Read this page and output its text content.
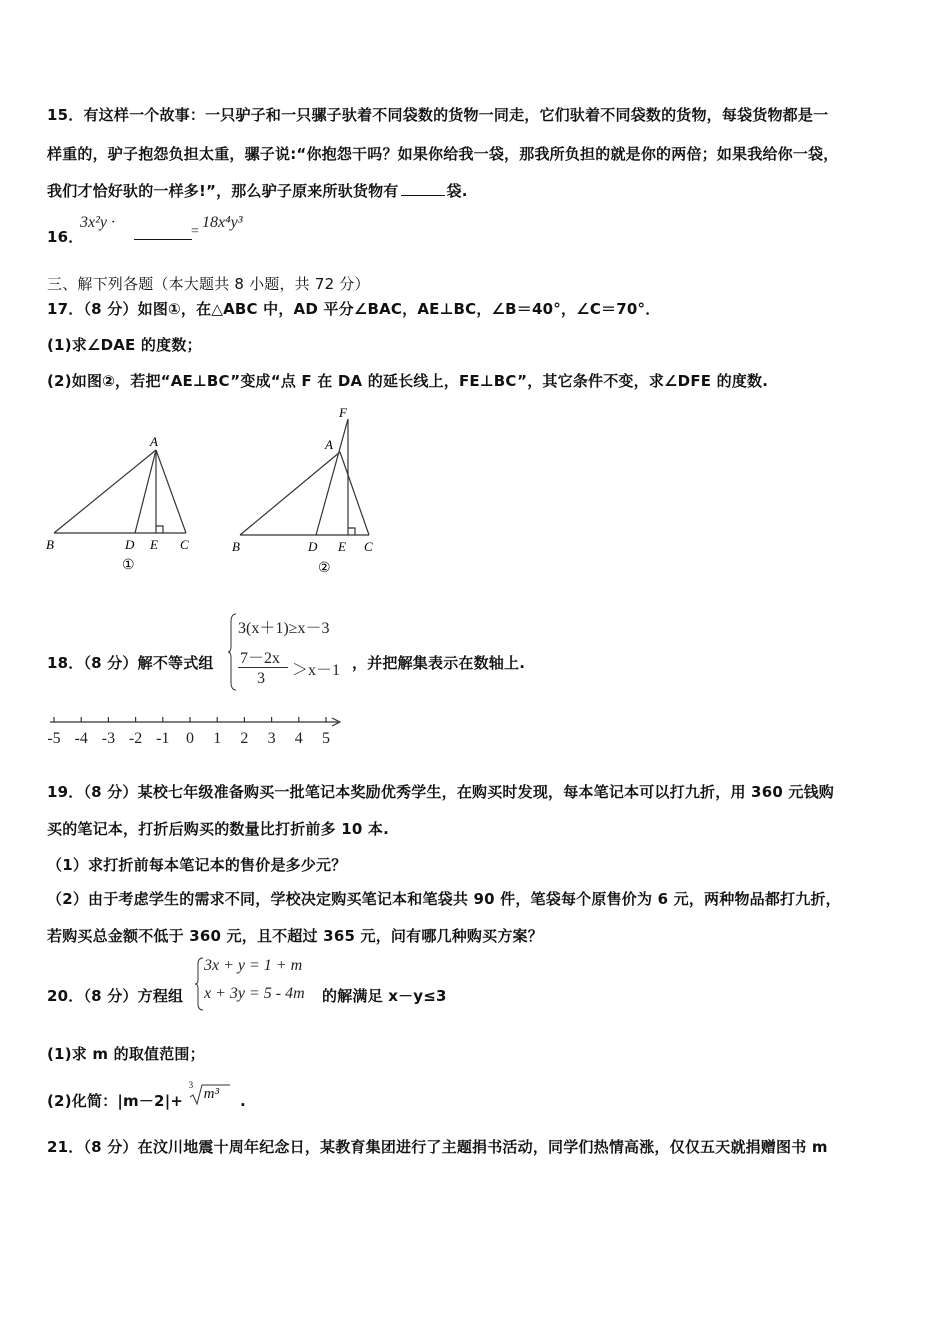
15．有这样一个故事：一只驴子和一只骡子驮着不同袋数的货物一同走，它们驮着不同袋数的货物，每袋货物都是一
样重的，驴子抱怨负担太重，骡子说:“你抱怨干吗？如果你给我一袋，那我所负担的就是你的两倍；如果我给你一袋，
我们才恰好驮的一样多!”，那么驴子原来所驮货物有	袋.
16．
3x²y ·
=
18x⁴y³
三、解下列各题（本大题共 8 小题，共 72 分）
17．（8 分）如图①，在△ABC 中，AD 平分∠BAC，AE⊥BC，∠B＝40°，∠C＝70°．
(1)求∠DAE 的度数；
(2)如图②，若把“AE⊥BC”变成“点 F 在 DA 的延长线上，FE⊥BC”，其它条件不变，求∠DFE 的度数.
A
B	D E C
①
F
A
B	D E C
②
18．（8 分）解不等式组
3(x＋1)≥x－3
7－2x
3 ＞x－1 ，并把解集表示在数轴上.
-5 -4 -3 -2 -1 0 1 2 3 4 5
19．（8 分）某校七年级准备购买一批笔记本奖励优秀学生，在购买时发现，每本笔记本可以打九折，用 360 元钱购
买的笔记本，打折后购买的数量比打折前多 10 本.
（1）求打折前每本笔记本的售价是多少元？
（2）由于考虑学生的需求不同，学校决定购买笔记本和笔袋共 90 件，笔袋每个原售价为 6 元，两种物品都打九折，
若购买总金额不低于 360 元，且不超过 365 元，问有哪几种购买方案？
20．（8 分）方程组
3x + y = 1 + m
x + 3y = 5 - 4m 的解满足 x－y≤3
(1)求 m 的取值范围；
(2)化简：|m－2|+
3
m³ .
21．（8 分）在汶川地震十周年纪念日，某教育集团进行了主题捐书活动，同学们热情高涨，仅仅五天就捐赠图书 m
